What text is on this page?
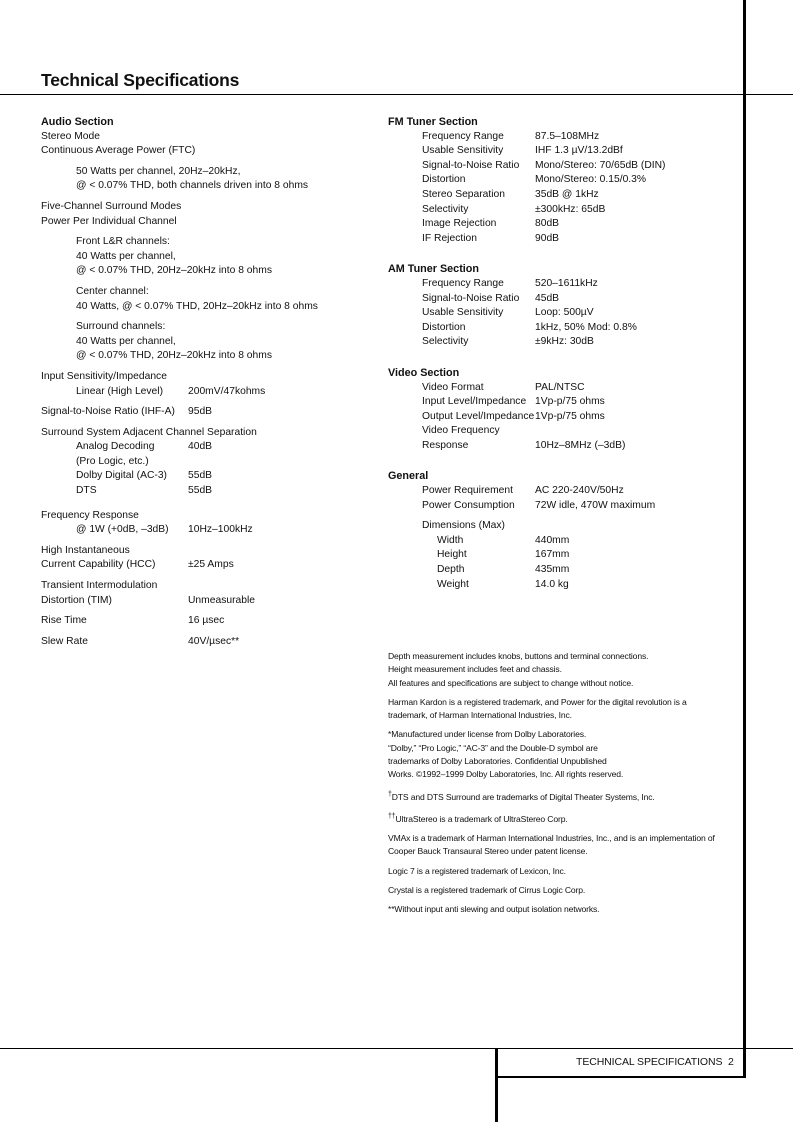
Technical Specifications
Audio Section
Stereo Mode
Continuous Average Power (FTC)
50 Watts per channel, 20Hz–20kHz,
@ < 0.07% THD, both channels driven into 8 ohms
Five-Channel Surround Modes
Power Per Individual Channel
Front L&R channels:
40 Watts per channel,
@ < 0.07% THD, 20Hz–20kHz into 8 ohms
Center channel:
40 Watts, @ < 0.07% THD, 20Hz–20kHz into 8 ohms
Surround channels:
40 Watts per channel,
@ < 0.07% THD, 20Hz–20kHz into 8 ohms
Input Sensitivity/Impedance
Linear (High Level) 200mV/47kohms
Signal-to-Noise Ratio (IHF-A) 95dB
Surround System Adjacent Channel Separation
Analog Decoding	40dB
(Pro Logic, etc.)
Dolby Digital (AC-3) 55dB
DTS	55dB
Frequency Response
@ 1W (+0dB, –3dB) 10Hz–100kHz
High Instantaneous
Current Capability (HCC)	±25 Amps
Transient Intermodulation
Distortion (TIM)	Unmeasurable
Rise Time	16 µsec
Slew Rate	40V/µsec**
FM Tuner Section
Frequency Range	87.5–108MHz
Usable Sensitivity	IHF 1.3 µV/13.2dBf
Signal-to-Noise Ratio Mono/Stereo: 70/65dB (DIN)
Distortion	Mono/Stereo: 0.15/0.3%
Stereo Separation	35dB @ 1kHz
Selectivity	±300kHz: 65dB
Image Rejection	80dB
IF Rejection	90dB
AM Tuner Section
Frequency Range	520–1611kHz
Signal-to-Noise Ratio 45dB
Usable Sensitivity	Loop: 500µV
Distortion	1kHz, 50% Mod: 0.8%
Selectivity	±9kHz: 30dB
Video Section
Video Format	PAL/NTSC
Input Level/Impedance 1Vp-p/75 ohms
Output Level/Impedance 1Vp-p/75 ohms
Video Frequency
Response	10Hz–8MHz (–3dB)
General
Power Requirement AC 220-240V/50Hz
Power Consumption 72W idle, 470W maximum
Dimensions (Max)
Width	440mm
Height	167mm
Depth	435mm
Weight	14.0 kg

Depth measurement includes knobs, buttons and terminal connections.
Height measurement includes feet and chassis.
All features and specifications are subject to change without notice.

Harman Kardon is a registered trademark, and Power for the digital revolution is a trademark, of Harman International Industries, Inc.

*Manufactured under license from Dolby Laboratories.
“Dolby,” “Pro Logic,” “AC-3” and the Double-D symbol are
trademarks of Dolby Laboratories. Confidential Unpublished
Works. ©1992–1999 Dolby Laboratories, Inc. All rights reserved.

†DTS and DTS Surround are trademarks of Digital Theater Systems, Inc.

††UltraStereo is a trademark of UltraStereo Corp.

VMAx is a trademark of Harman International Industries, Inc., and is an implementation of Cooper Bauck Transaural Stereo under patent license.

Logic 7 is a registered trademark of Lexicon, Inc.

Crystal is a registered trademark of Cirrus Logic Corp.

**Without input anti slewing and output isolation networks.

TECHNICAL SPECIFICATIONS 2
